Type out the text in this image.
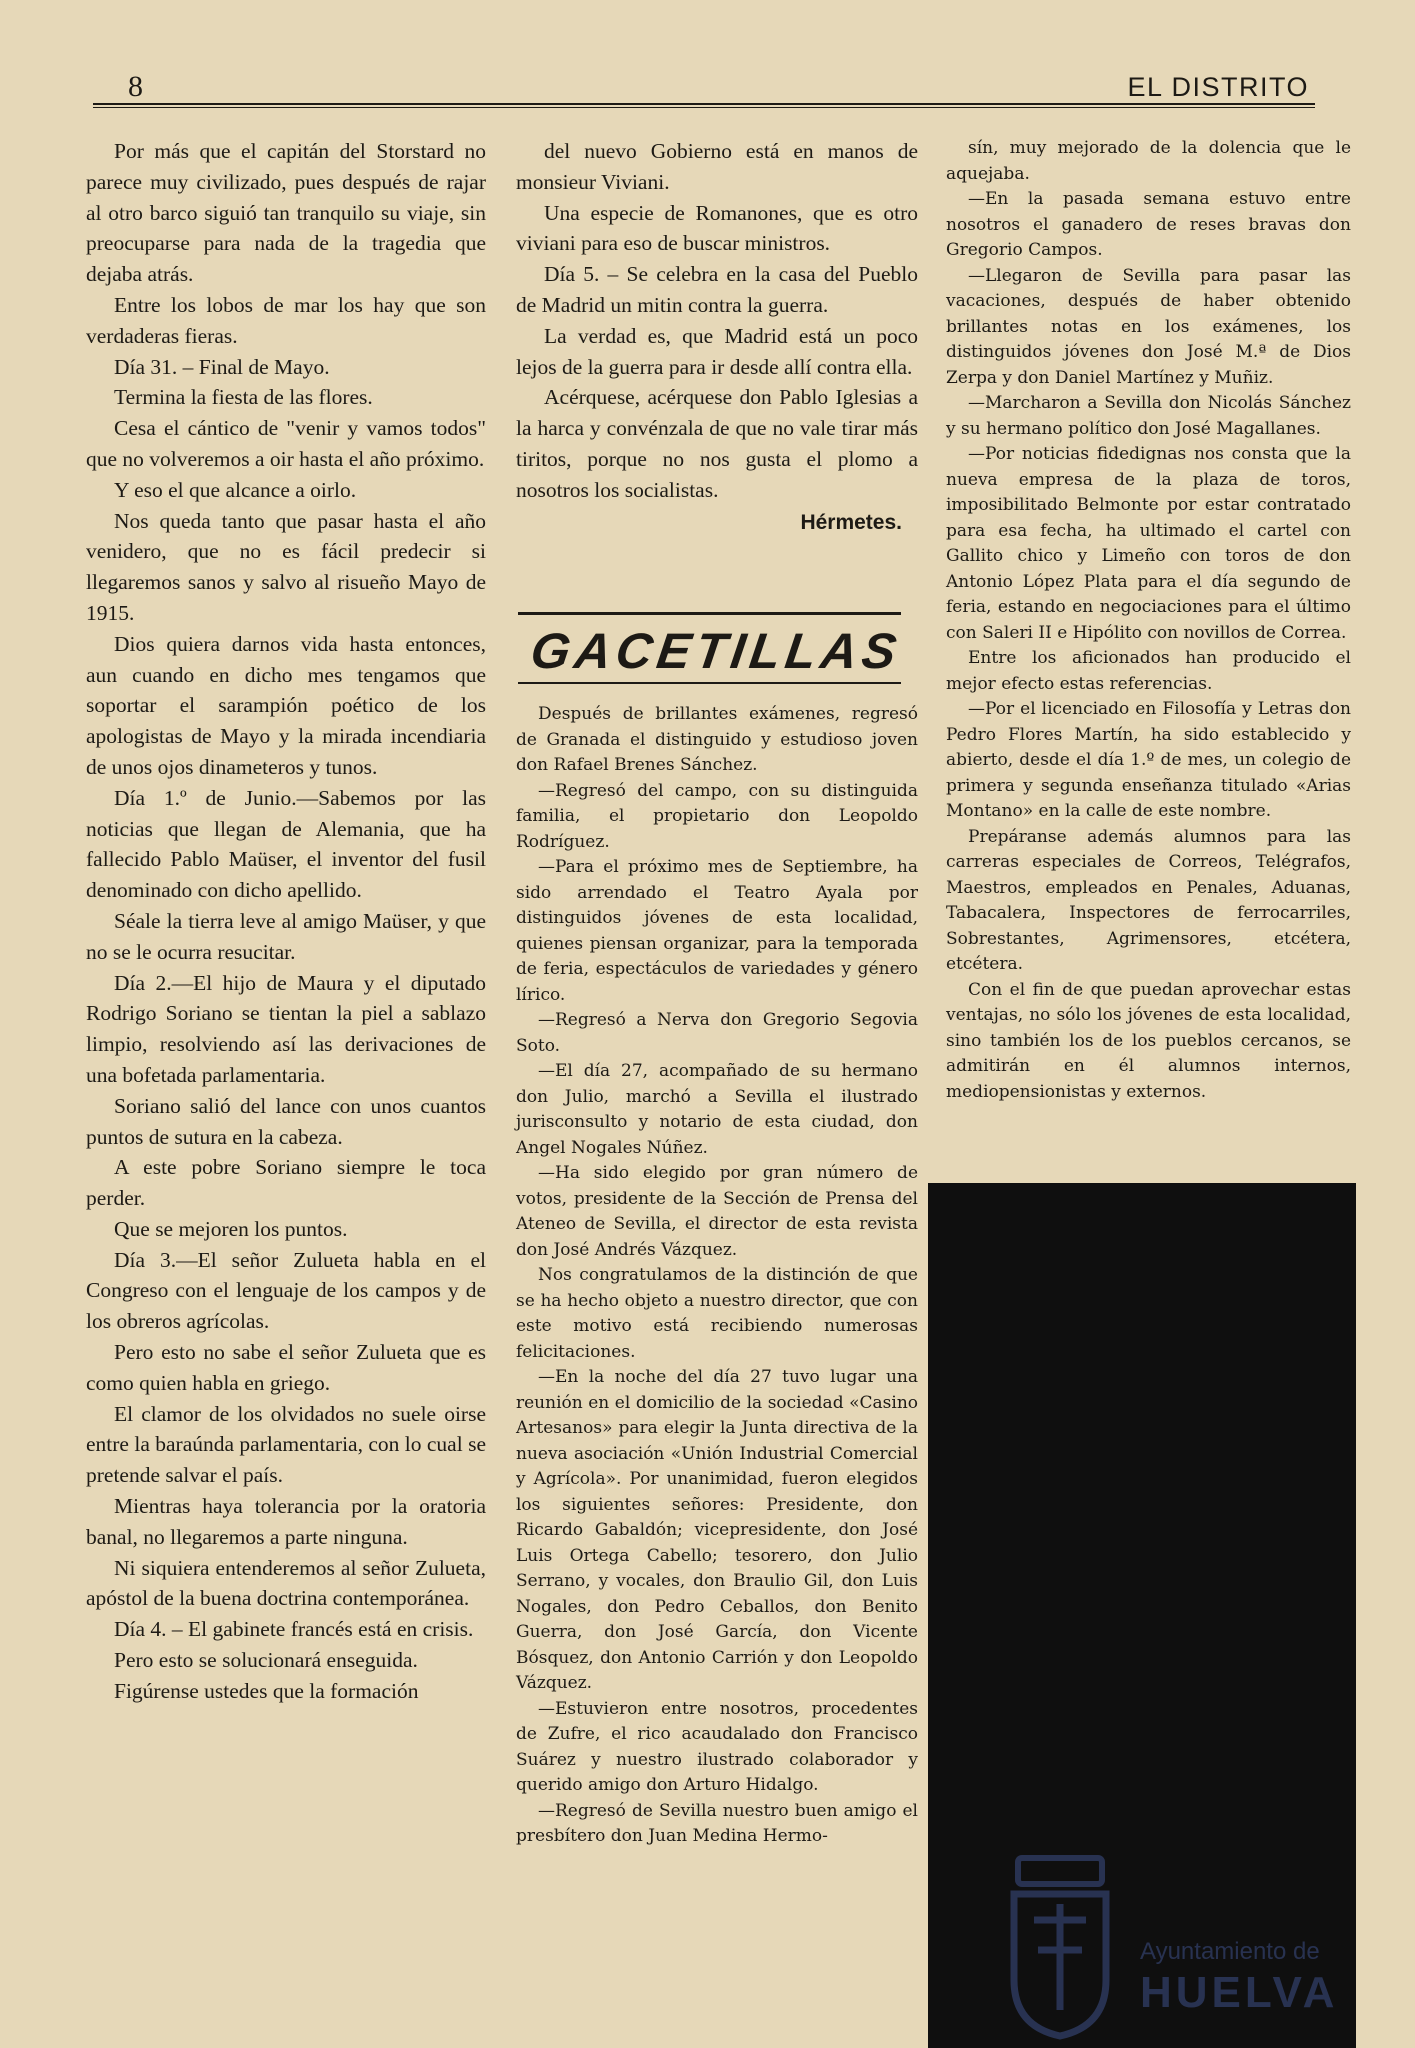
8	EL DISTRITO

Por más que el capitán del Storstard no parece muy civilizado, pues después de rajar al otro barco siguió tan tranquilo su viaje, sin preocuparse para nada de la tragedia que dejaba atrás.

Entre los lobos de mar los hay que son verdaderas fieras.

Día 31. – Final de Mayo.

Termina la fiesta de las flores.

Cesa el cántico de "venir y vamos todos" que no volveremos a oir hasta el año próximo.

Y eso el que alcance a oirlo.

Nos queda tanto que pasar hasta el año venidero, que no es fácil predecir si llegaremos sanos y salvo al risueño Mayo de 1915.

Dios quiera darnos vida hasta entonces, aun cuando en dicho mes tengamos que soportar el sarampión poético de los apologistas de Mayo y la mirada incendiaria de unos ojos dinameteros y tunos.

Día 1.º de Junio.—Sabemos por las noticias que llegan de Alemania, que ha fallecido Pablo Maüser, el inventor del fusil denominado con dicho apellido.

Séale la tierra leve al amigo Maüser, y que no se le ocurra resucitar.

Día 2.—El hijo de Maura y el diputado Rodrigo Soriano se tientan la piel a sablazo limpio, resolviendo así las derivaciones de una bofetada parlamentaria.

Soriano salió del lance con unos cuantos puntos de sutura en la cabeza.

A este pobre Soriano siempre le toca perder.

Que se mejoren los puntos.

Día 3.—El señor Zulueta habla en el Congreso con el lenguaje de los campos y de los obreros agrícolas.

Pero esto no sabe el señor Zulueta que es como quien habla en griego.

El clamor de los olvidados no suele oirse entre la baraúnda parlamentaria, con lo cual se pretende salvar el país.

Mientras haya tolerancia por la oratoria banal, no llegaremos a parte ninguna.

Ni siquiera entenderemos al señor Zulueta, apóstol de la buena doctrina contemporánea.

Día 4. – El gabinete francés está en crisis.

Pero esto se solucionará enseguida.

Figúrense ustedes que la formación

del nuevo Gobierno está en manos de monsieur Viviani.

Una especie de Romanones, que es otro viviani para eso de buscar ministros.

Día 5. – Se celebra en la casa del Pueblo de Madrid un mitin contra la guerra.

La verdad es, que Madrid está un poco lejos de la guerra para ir desde allí contra ella.

Acérquese, acérquese don Pablo Iglesias a la harca y convénzala de que no vale tirar más tiritos, porque no nos gusta el plomo a nosotros los socialistas.

Hérmetes.

GACETILLAS

Después de brillantes exámenes, regresó de Granada el distinguido y estudioso joven don Rafael Brenes Sánchez.

—Regresó del campo, con su distinguida familia, el propietario don Leopoldo Rodríguez.

—Para el próximo mes de Septiembre, ha sido arrendado el Teatro Ayala por distinguidos jóvenes de esta localidad, quienes piensan organizar, para la temporada de feria, espectáculos de variedades y género lírico.

—Regresó a Nerva don Gregorio Segovia Soto.

—El día 27, acompañado de su hermano don Julio, marchó a Sevilla el ilustrado jurisconsulto y notario de esta ciudad, don Angel Nogales Núñez.

—Ha sido elegido por gran número de votos, presidente de la Sección de Prensa del Ateneo de Sevilla, el director de esta revista don José Andrés Vázquez.

Nos congratulamos de la distinción de que se ha hecho objeto a nuestro director, que con este motivo está recibiendo numerosas felicitaciones.

—En la noche del día 27 tuvo lugar una reunión en el domicilio de la sociedad «Casino Artesanos» para elegir la Junta directiva de la nueva asociación «Unión Industrial Comercial y Agrícola». Por unanimidad, fueron elegidos los siguientes señores: Presidente, don Ricardo Gabaldón; vicepresidente, don José Luis Ortega Cabello; tesorero, don Julio Serrano, y vocales, don Braulio Gil, don Luis Nogales, don Pedro Ceballos, don Benito Guerra, don José García, don Vicente Bósquez, don Antonio Carrión y don Leopoldo Vázquez.

—Estuvieron entre nosotros, procedentes de Zufre, el rico acaudalado don Francisco Suárez y nuestro ilustrado colaborador y querido amigo don Arturo Hidalgo.

—Regresó de Sevilla nuestro buen amigo el presbítero don Juan Medina Hermo-

sín, muy mejorado de la dolencia que le aquejaba.

—En la pasada semana estuvo entre nosotros el ganadero de reses bravas don Gregorio Campos.

—Llegaron de Sevilla para pasar las vacaciones, después de haber obtenido brillantes notas en los exámenes, los distinguidos jóvenes don José M.ª de Dios Zerpa y don Daniel Martínez y Muñiz.

—Marcharon a Sevilla don Nicolás Sánchez y su hermano político don José Magallanes.

—Por noticias fidedignas nos consta que la nueva empresa de la plaza de toros, imposibilitado Belmonte por estar contratado para esa fecha, ha ultimado el cartel con Gallito chico y Limeño con toros de don Antonio López Plata para el día segundo de feria, estando en negociaciones para el último con Saleri II e Hipólito con novillos de Correa.

Entre los aficionados han producido el mejor efecto estas referencias.

—Por el licenciado en Filosofía y Letras don Pedro Flores Martín, ha sido establecido y abierto, desde el día 1.º de mes, un colegio de primera y segunda enseñanza titulado «Arias Montano» en la calle de este nombre.

Prepáranse además alumnos para las carreras especiales de Correos, Telégrafos, Maestros, empleados en Penales, Aduanas, Tabacalera, Inspectores de ferrocarriles, Sobrestantes, Agrimensores, etcétera, etcétera.

Con el fin de que puedan aprovechar estas ventajas, no sólo los jóvenes de esta localidad, sino también los de los pueblos cercanos, se admitirán en él alumnos internos, mediopensionistas y externos.

Ayuntamiento de
HUELVA
